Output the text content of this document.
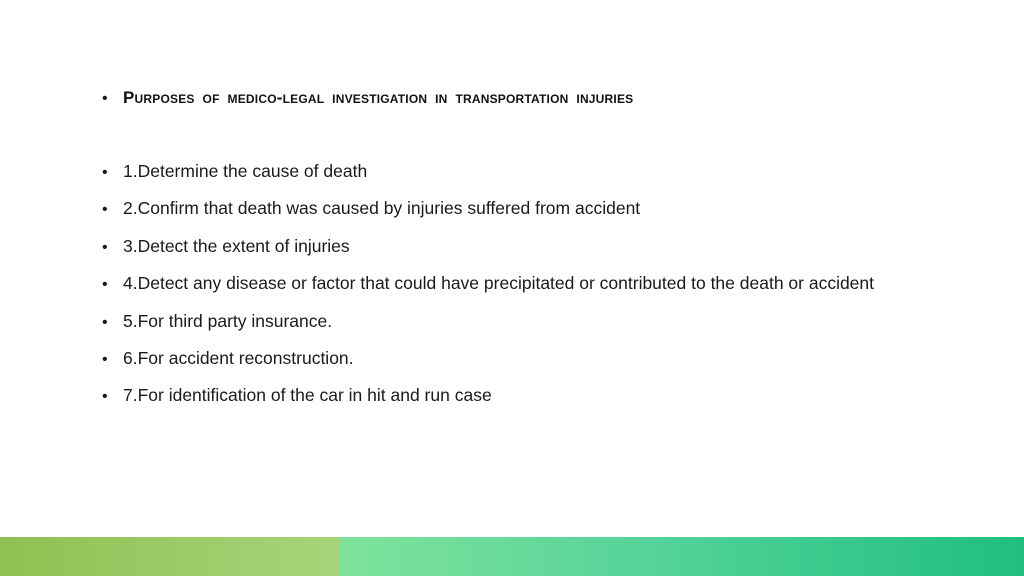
• Purposes of medico-legal investigation in transportation injuries
• 1.Determine the cause of death
• 2.Confirm that death was caused by injuries suffered from accident
• 3.Detect the extent of injuries
• 4.Detect any disease or factor that could have precipitated or contributed to the death or accident
• 5.For third party insurance.
• 6.For accident reconstruction.
• 7.For identification of the car in hit and run case
